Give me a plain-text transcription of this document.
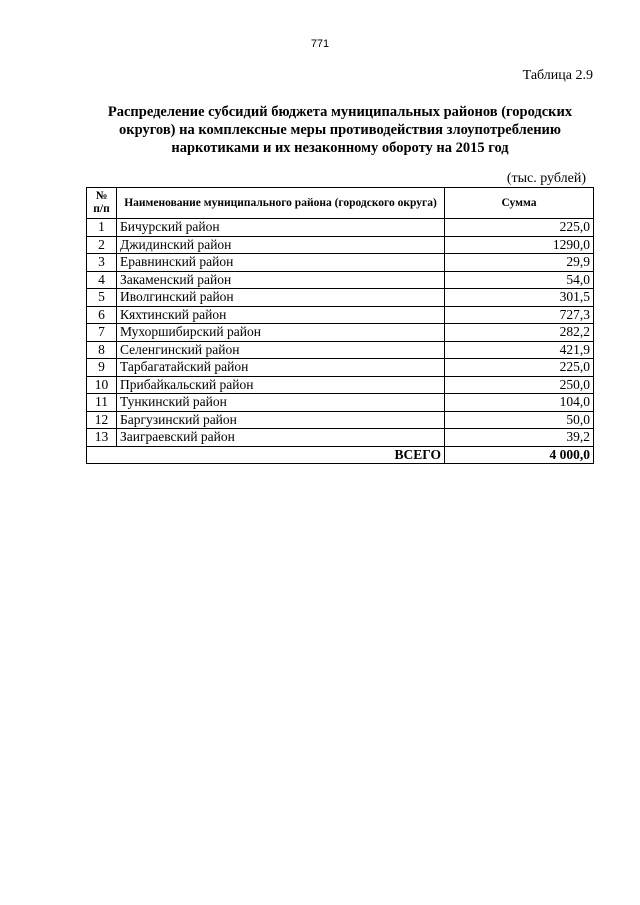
771
Таблица 2.9
Распределение субсидий бюджета муниципальных районов (городских округов) на комплексные меры противодействия злоупотреблению наркотиками и их незаконному обороту на 2015 год
(тыс. рублей)
№ п/п	Наименование муниципального района (городского округа)	Сумма
1	Бичурский район	225,0
2	Джидинский район	1290,0
3	Еравнинский район	29,9
4	Закаменский район	54,0
5	Иволгинский район	301,5
6	Кяхтинский район	727,3
7	Мухоршибирский район	282,2
8	Селенгинский район	421,9
9	Тарбагатайский район	225,0
10	Прибайкальский район	250,0
11	Тункинский район	104,0
12	Баргузинский район	50,0
13	Заиграевский район	39,2
ВСЕГО		4 000,0
